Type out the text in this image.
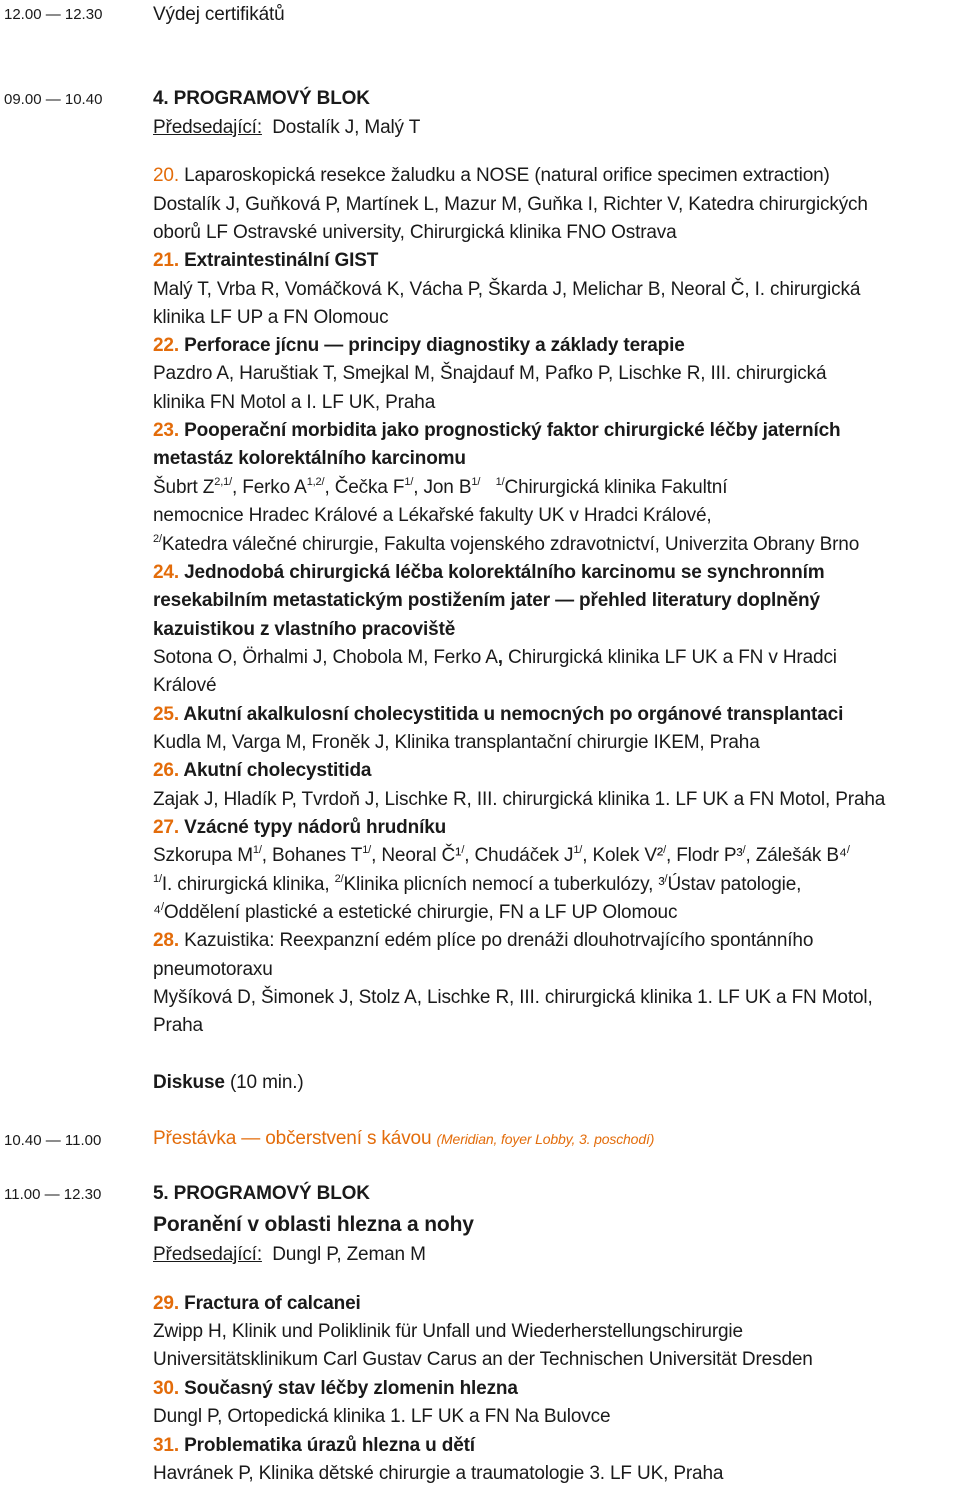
12.00 — 12.30	Výdej certifikátů
09.00 — 10.40	4. PROGRAMOVÝ BLOK
Předsedající: Dostalík J, Malý T
20. Laparoskopická resekce žaludku a NOSE (natural orifice specimen extraction)
Dostalík J, Guňková P, Martínek L, Mazur M, Guňka I, Richter V, Katedra chirurgických
oborů LF Ostravské university, Chirurgická klinika FNO Ostrava
21. Extraintestinální GIST
Malý T, Vrba R, Vomáčková K, Vácha P, Škarda J, Melichar B, Neoral Č, I. chirurgická
klinika LF UP a FN Olomouc
22. Perforace jícnu — principy diagnostiky a základy terapie
Pazdro A, Haruštiak T, Smejkal M, Šnajdauf M, Pafko P, Lischke R, III. chirurgická
klinika FN Motol a I. LF UK, Praha
23. Pooperační morbidita jako prognostický faktor chirurgické léčby jaterních
metastáz kolorektálního karcinomu
Šubrt $Z^{2,1/}$, Ferko $A^{1,2/}$, Čečka $F^{1/}$, Jon $B^{1/}$ $^{1/}$Chirurgická klinika Fakultní
nemocnice Hradec Králové a Lékařské fakulty UK v Hradci Králové,
$^{2/}$Katedra válečné chirurgie, Fakulta vojenského zdravotnictví, Univerzita Obrany Brno
24. Jednodobá chirurgická léčba kolorektálního karcinomu se synchronním
resekabilním metastatickým postižením jater — přehled literatury doplněný
kazuistikou z vlastního pracoviště
Sotona O, Örhalmi J, Chobola M, Ferko A, Chirurgická klinika LF UK a FN v Hradci
Králové
25. Akutní akalkulosní cholecystitida u nemocných po orgánové transplantaci
Kudla M, Varga M, Froněk J, Klinika transplantační chirurgie IKEM, Praha
26. Akutní cholecystitida
Zajak J, Hladík P, Tvrdoň J, Lischke R, III. chirurgická klinika 1. LF UK a FN Motol, Praha
27. Vzácné typy nádorů hrudníku
Szkorupa $M^{1/}$, Bohanes $T^{1/}$, Neoral Č¹/, Chudáček $J^{1/}$, Kolek V²/, Flodr P³/, Zálešák B⁴/
$^{1/}$I. chirurgická klinika, $^{2/}$Klinika plicních nemocí a tuberkulózy, ³/Ústav patologie,
⁴/Oddělení plastické a estetické chirurgie, FN a LF UP Olomouc
28. Kazuistika: Reexpanzní edém plíce po drenáži dlouhotrvajícího spontánního
pneumotoraxu
Myšíková D, Šimonek J, Stolz A, Lischke R, III. chirurgická klinika 1. LF UK a FN Motol,
Praha
Diskuse (10 min.)
10.40 — 11.00	Přestávka — občerstvení s kávou (Meridian, foyer Lobby, 3. poschodí)
11.00 — 12.30	5. PROGRAMOVÝ BLOK
Poranění v oblasti hlezna a nohy
Předsedající: Dungl P, Zeman M
29. Fractura of calcanei
Zwipp H, Klinik und Poliklinik für Unfall und Wiederherstellungschirurgie
Universitätsklinikum Carl Gustav Carus an der Technischen Universität Dresden
30. Současný stav léčby zlomenin hlezna
Dungl P, Ortopedická klinika 1. LF UK a FN Na Bulovce
31. Problematika úrazů hlezna u dětí
Havránek P, Klinika dětské chirurgie a traumatologie 3. LF UK, Praha
